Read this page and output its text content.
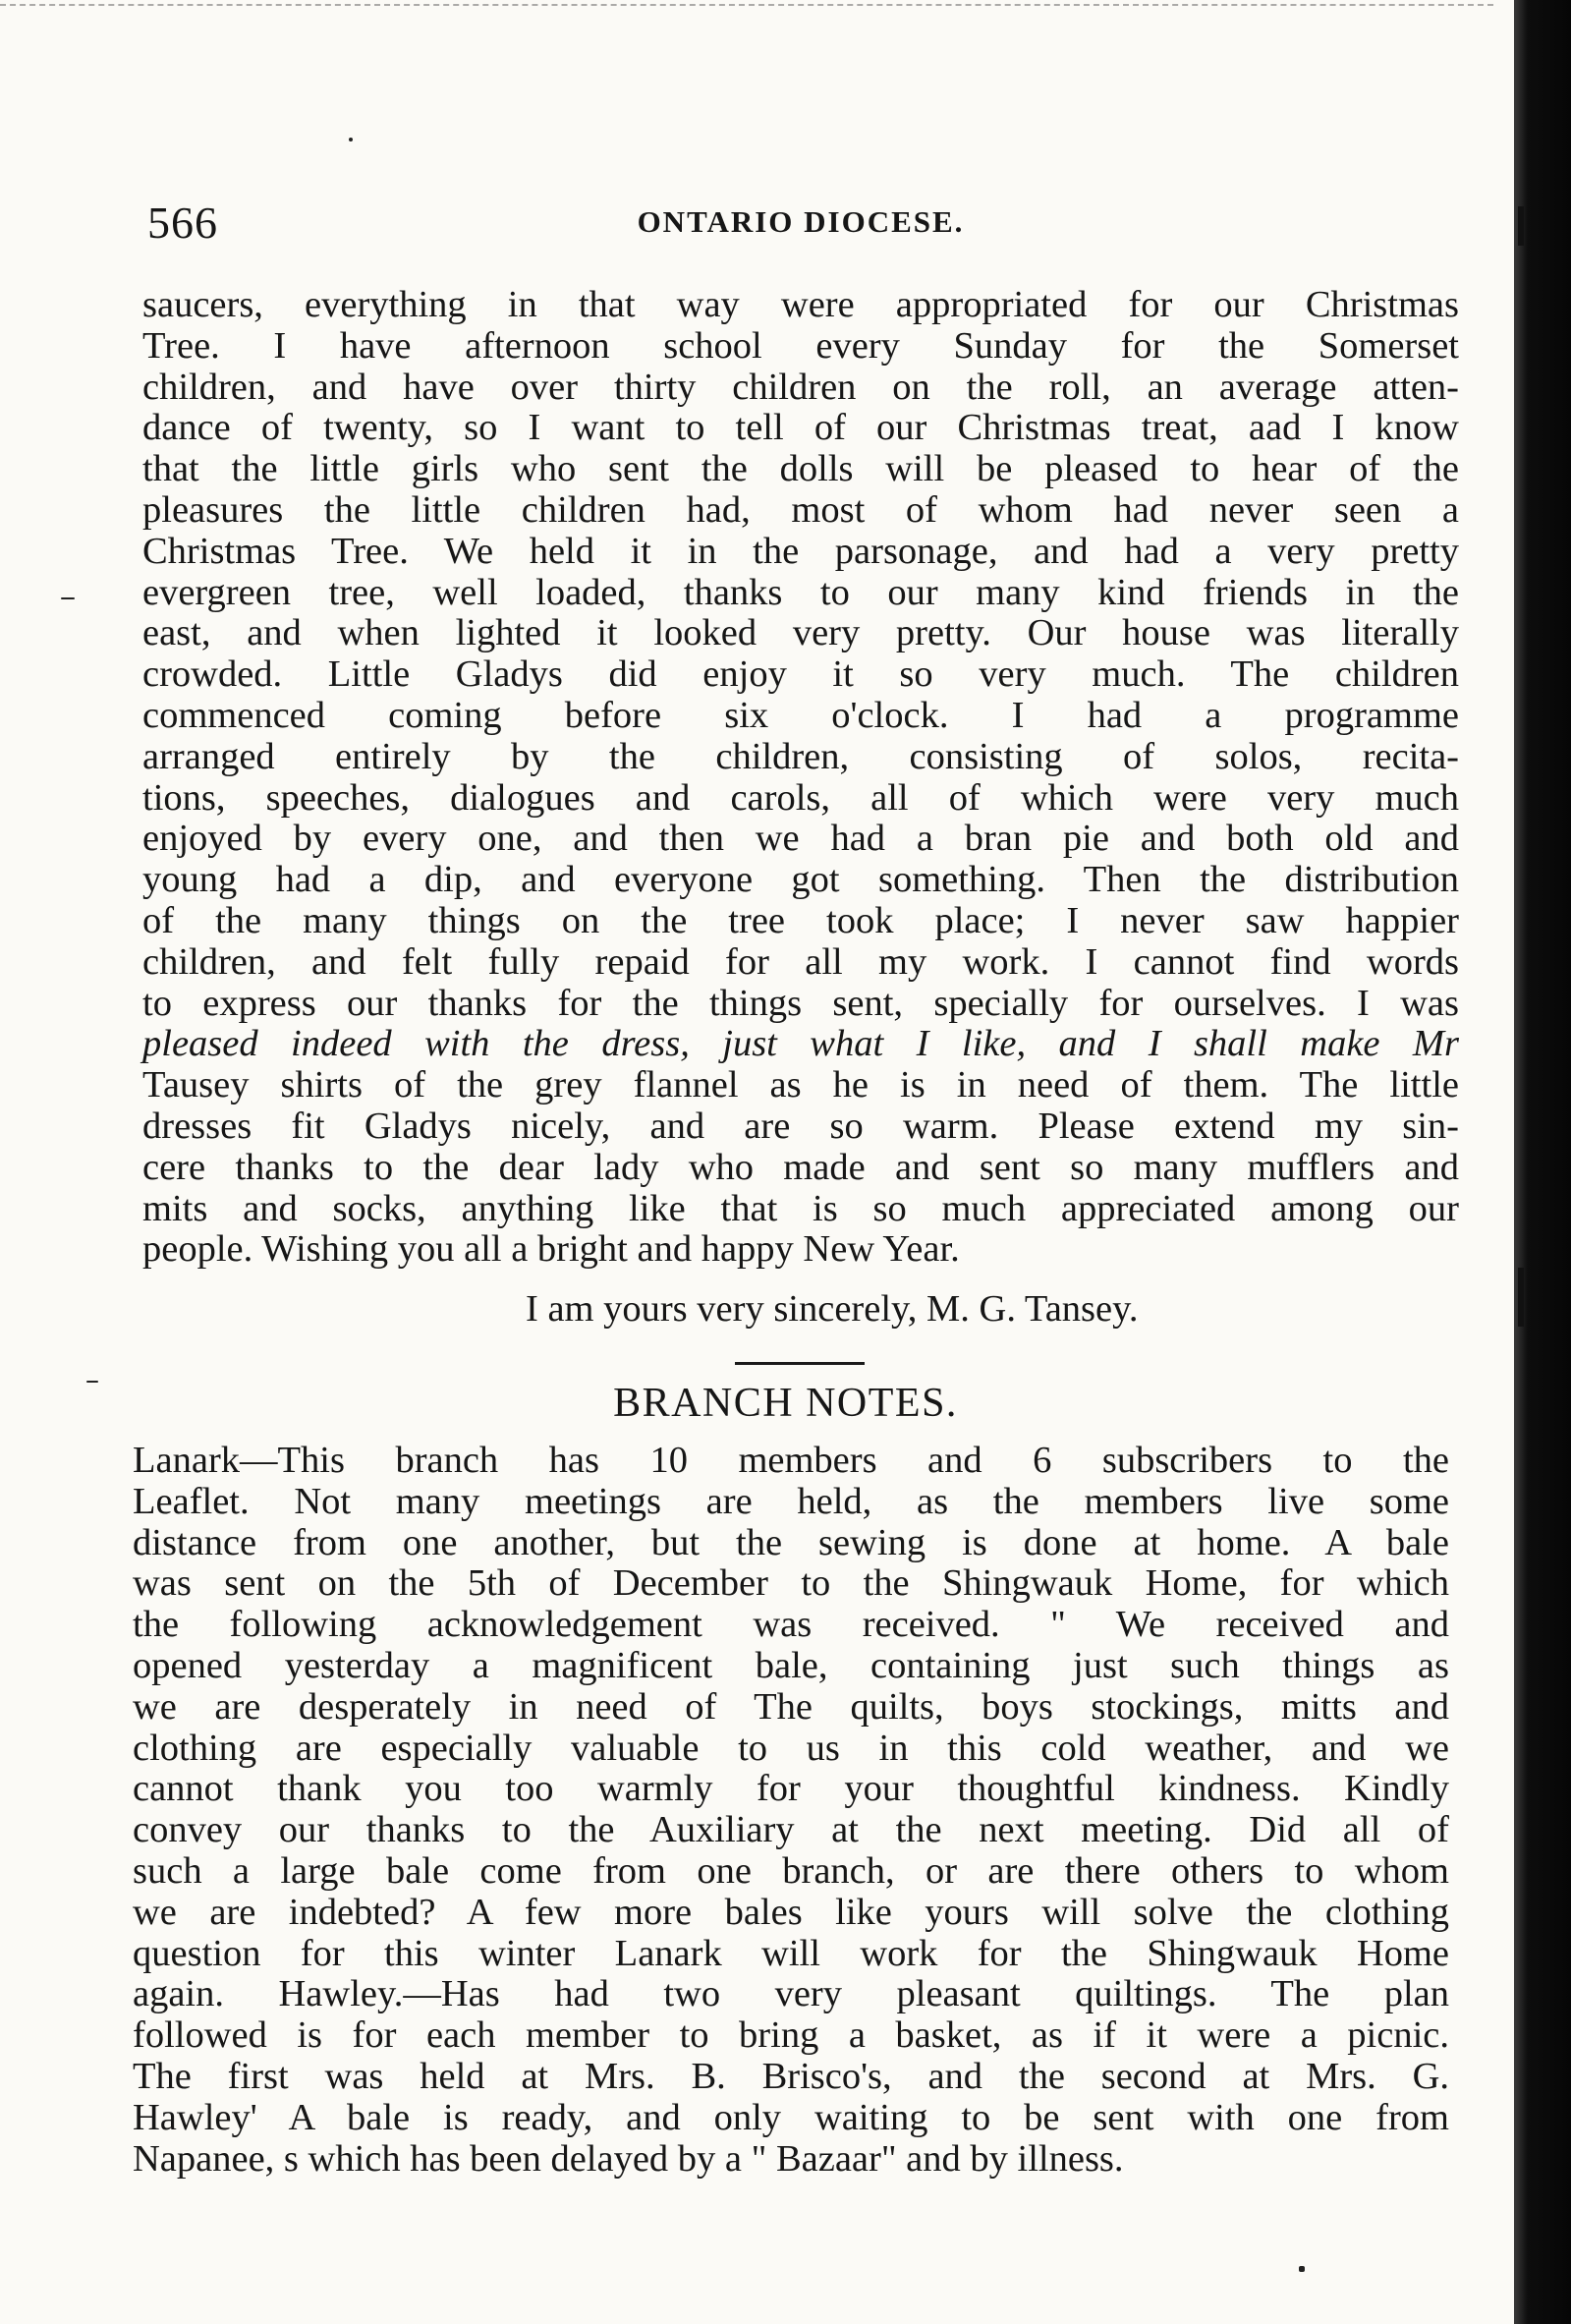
566	ONTARIO DIOCESE.
saucers, everything in that way were appropriated for our Christmas
Tree. I have afternoon school every Sunday for the Somerset
children, and have over thirty children on the roll, an average atten-
dance of twenty, so I want to tell of our Christmas treat, aad I know
that the little girls who sent the dolls will be pleased to hear of the
pleasures the little children had, most of whom had never seen a
Christmas Tree. We held it in the parsonage, and had a very pretty
evergreen tree, well loaded, thanks to our many kind friends in the
east, and when lighted it looked very pretty. Our house was literally
crowded. Little Gladys did enjoy it so very much. The children
commenced coming before six o'clock. I had a programme
arranged entirely by the children, consisting of solos, recita-
tions, speeches, dialogues and carols, all of which were very much
enjoyed by every one, and then we had a bran pie and both old and
young had a dip, and everyone got something. Then the distribution
of the many things on the tree took place; I never saw happier
children, and felt fully repaid for all my work. I cannot find words
to express our thanks for the things sent, specially for ourselves. I was
pleased indeed with the dress, just what I like, and I shall make Mr
Tausey shirts of the grey flannel as he is in need of them. The little
dresses fit Gladys nicely, and are so warm. Please extend my sin-
cere thanks to the dear lady who made and sent so many mufflers and
mits and socks, anything like that is so much appreciated among our
people. Wishing you all a bright and happy New Year.
I am yours very sincerely, M. G. Tansey.
BRANCH NOTES.
Lanark—This branch has 10 members and 6 subscribers to the
Leaflet. Not many meetings are held, as the members live some
distance from one another, but the sewing is done at home. A bale
was sent on the 5th of December to the Shingwauk Home, for which
the following acknowledgement was received. " We received and
opened yesterday a magnificent bale, containing just such things as
we are desperately in need of The quilts, boys stockings, mitts and
clothing are especially valuable to us in this cold weather, and we
cannot thank you too warmly for your thoughtful kindness. Kindly
convey our thanks to the Auxiliary at the next meeting. Did all of
such a large bale come from one branch, or are there others to whom
we are indebted? A few more bales like yours will solve the clothing
question for this winter Lanark will work for the Shingwauk Home
again. Hawley.—Has had two very pleasant quiltings. The plan
followed is for each member to bring a basket, as if it were a picnic.
The first was held at Mrs. B. Brisco's, and the second at Mrs. G.
Hawley' A bale is ready, and only waiting to be sent with one from
Napanee, s which has been delayed by a " Bazaar" and by illness.
